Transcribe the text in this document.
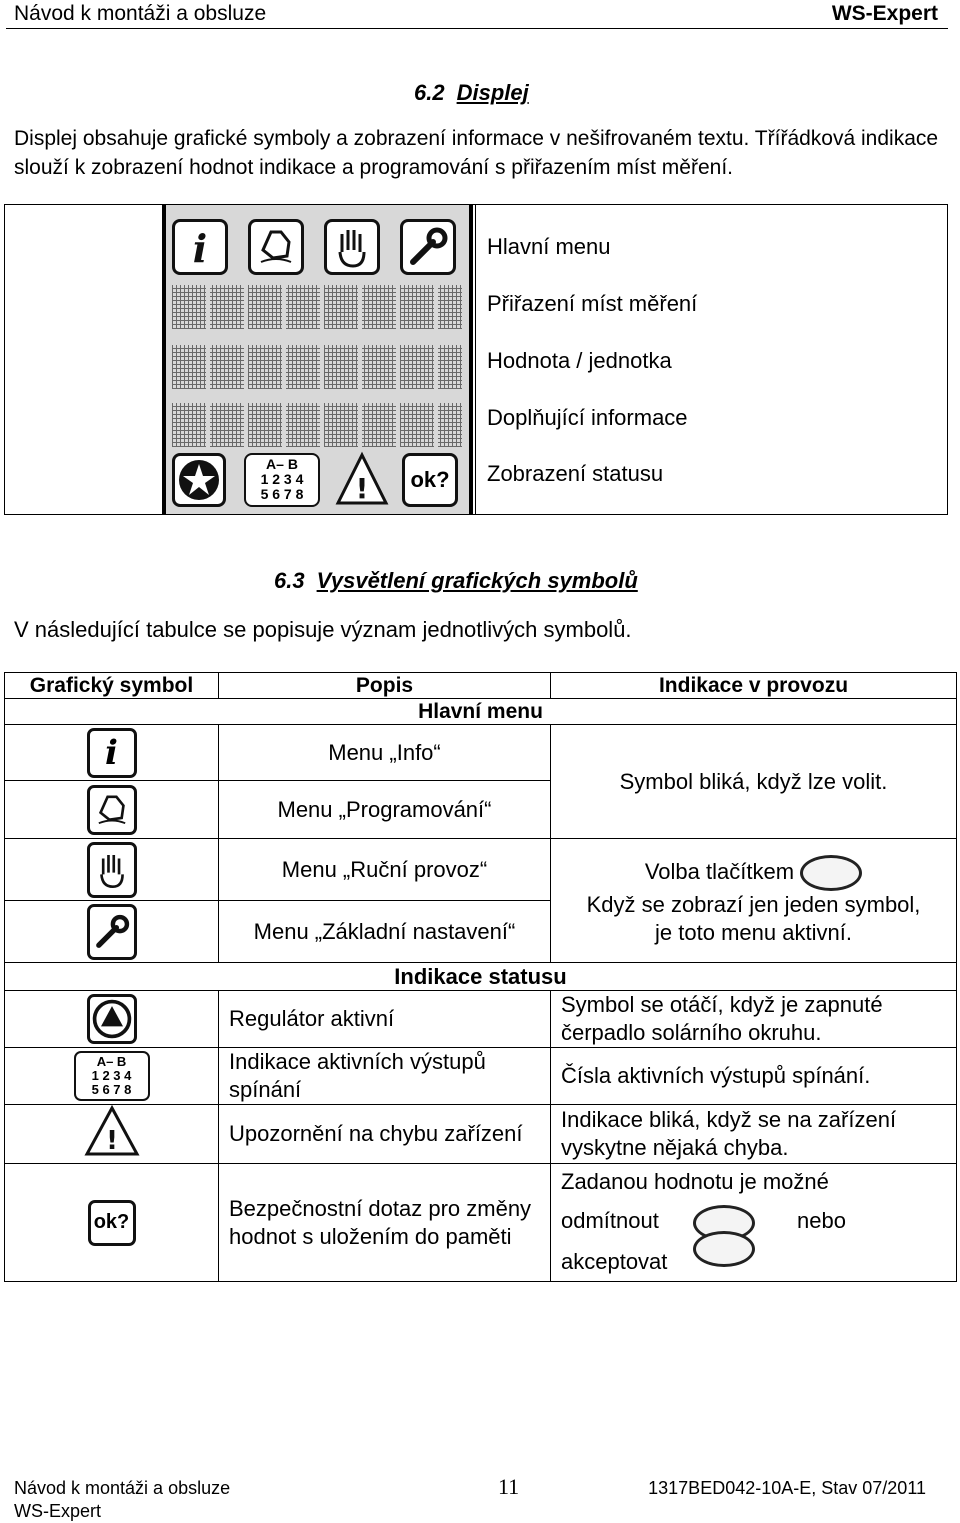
Návod k montáži a obsluze	WS-Expert
6.2 Displej
Displej obsahuje grafické symboly a zobrazení informace v nešifrovaném textu. Třířádková indikace slouží k zobrazení hodnot indikace a programování s přiřazením míst měření.
i
A– B
1 2 3 4
5 6 7 8	! ok?
Hlavní menu
Přiřazení míst měření
Hodnota / jednotka
Doplňující informace
Zobrazení statusu
6.3 Vysvětlení grafických symbolů
V následující tabulce se popisuje význam jednotlivých symbolů.
Grafický symbol	Popis	Indikace v provozu
Hlavní menu		

i	Menu „Info“	Symbol bliká, když lze volit.
	Menu „Programování“	
	Menu „Ruční provoz“	Volba tlačítkem
Když se zobrazí jen jeden symbol,
je toto menu aktivní.

	Menu „Základní nastavení“	
Indikace statusu		
	Regulátor aktivní	Symbol se otáčí, když je zapnuté čerpadlo solárního okruhu.

A– B
1 2 3 4
5 6 7 8	Indikace aktivních výstupů spínání	Čísla aktivních výstupů spínání.

!	Upozornění na chybu zařízení	Indikace bliká, když se na zařízení vyskytne nějaká chyba.

ok?	Bezpečnostní dotaz pro změny hodnot s uložením do paměti	Zadanou hodnotu je možné
odmítnout nebo
akceptovat
Návod k montáži a obsluze
WS-Expert
11	1317BED042-10A-E, Stav 07/2011
